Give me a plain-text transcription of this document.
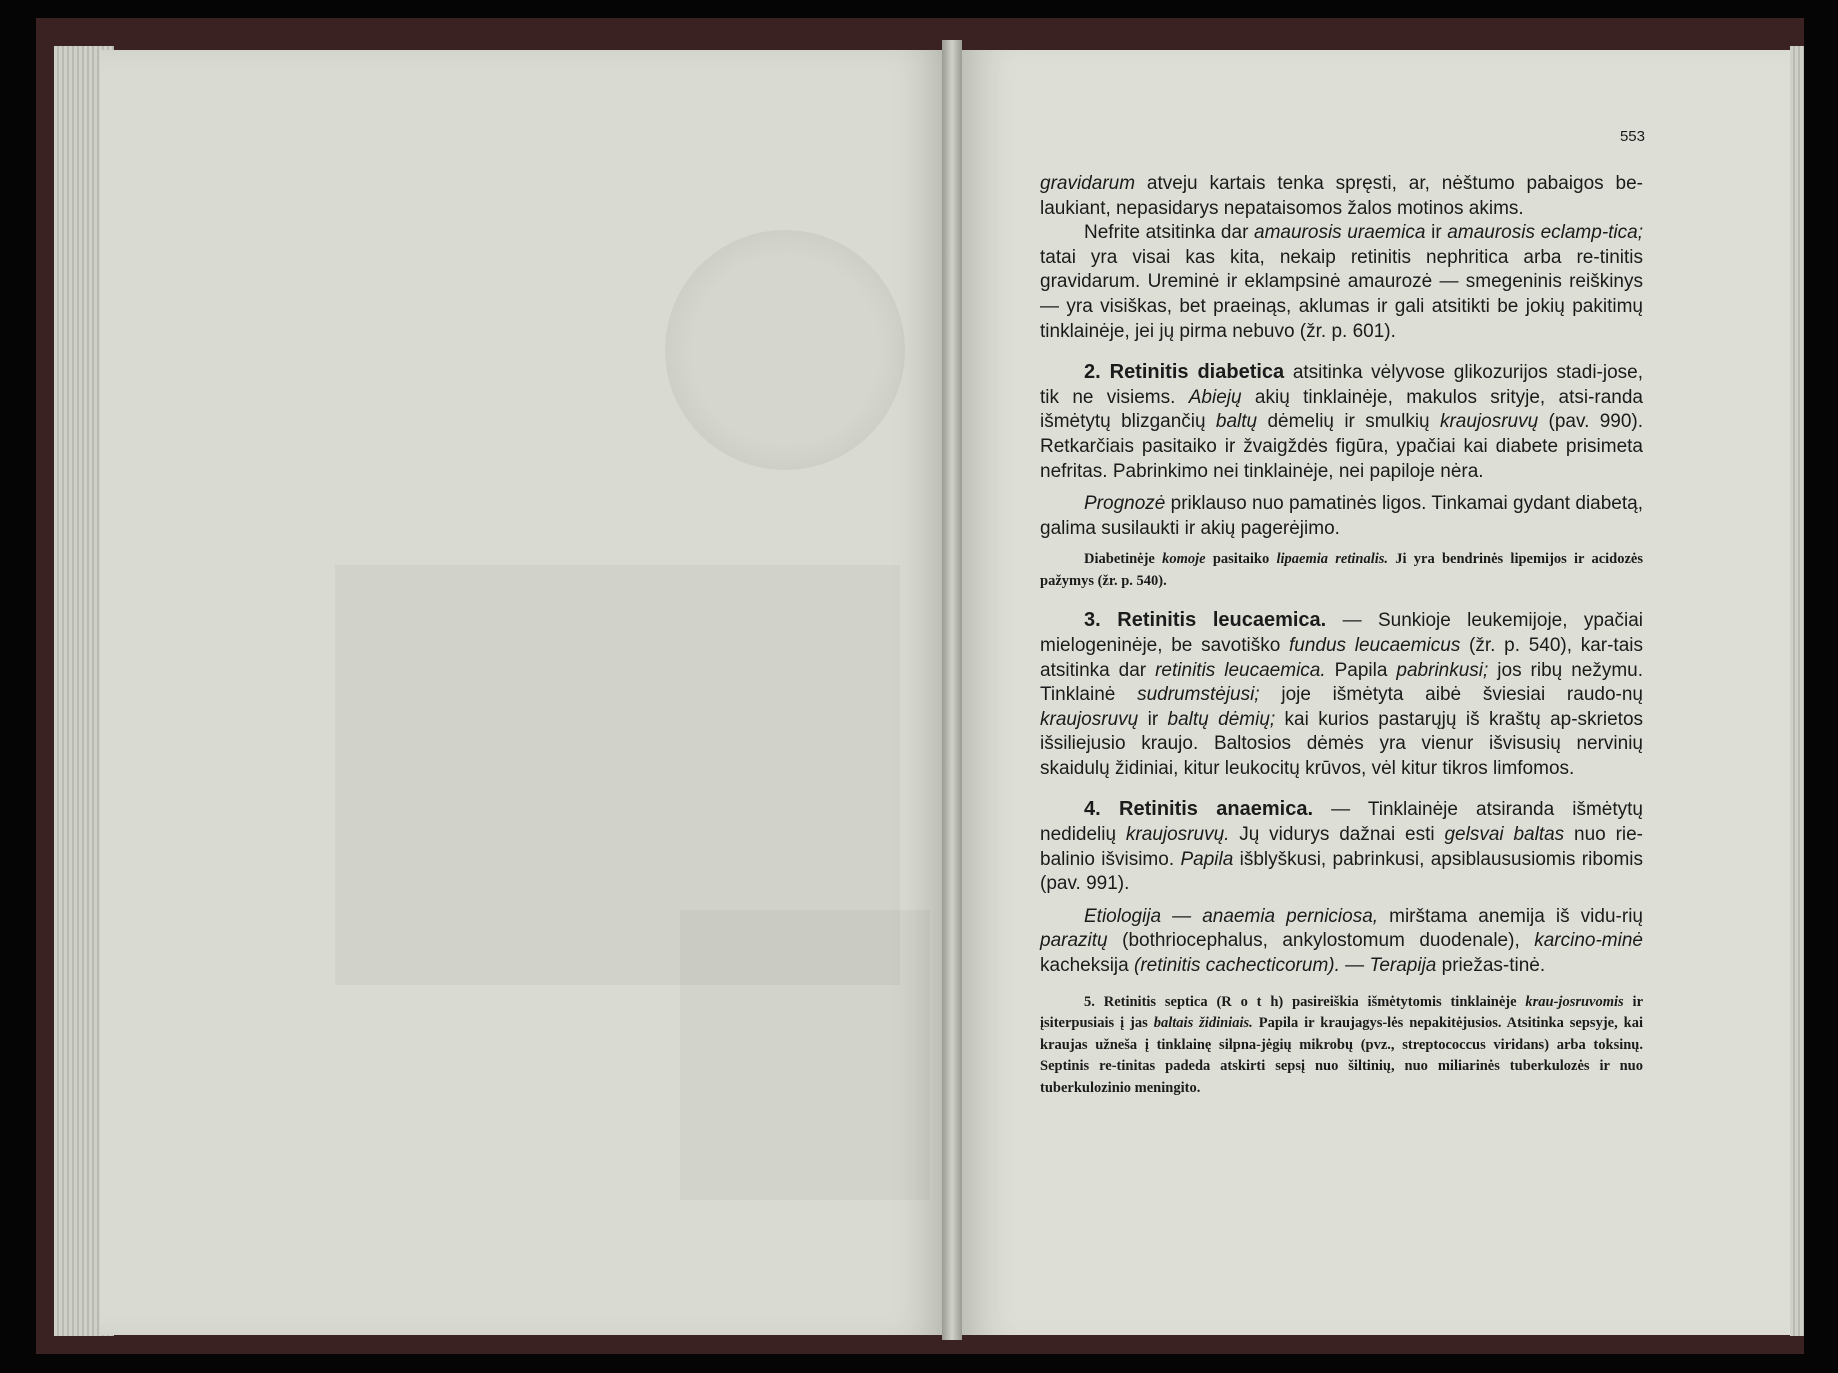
553

gravidarum atveju kartais tenka spręsti, ar, nėštumo pabaigos be-laukiant, nepasidarys nepataisomos žalos motinos akims.

Nefrite atsitinka dar amaurosis uraemica ir amaurosis eclamp-tica; tatai yra visai kas kita, nekaip retinitis nephritica arba re-tinitis gravidarum. Ureminė ir eklampsinė amaurozė — smegeninis reiškinys — yra visiškas, bet praeinąs, aklumas ir gali atsitikti be jokių pakitimų tinklainėje, jei jų pirma nebuvo (žr. p. 601).

2. Retinitis diabetica atsitinka vėlyvose glikozurijos stadi-jose, tik ne visiems. Abiejų akių tinklainėje, makulos srityje, atsi-randa išmėtytų blizgančių baltų dėmelių ir smulkių kraujosruvų (pav. 990). Retkarčiais pasitaiko ir žvaigždės figūra, ypačiai kai diabete prisimeta nefritas. Pabrinkimo nei tinklainėje, nei papiloje nėra.

Prognozė priklauso nuo pamatinės ligos. Tinkamai gydant diabetą, galima susilaukti ir akių pagerėjimo.

Diabetinėje komoje pasitaiko lipaemia retinalis. Ji yra bendrinės lipemijos ir acidozės pažymys (žr. p. 540).

3. Retinitis leucaemica. — Sunkioje leukemijoje, ypačiai mielogeninėje, be savotiško fundus leucaemicus (žr. p. 540), kar-tais atsitinka dar retinitis leucaemica. Papila pabrinkusi; jos ribų nežymu. Tinklainė sudrumstėjusi; joje išmėtyta aibė šviesiai raudo-nų kraujosruvų ir baltų dėmių; kai kurios pastarųjų iš kraštų ap-skrietos išsiliejusio kraujo. Baltosios dėmės yra vienur išvisusių nervinių skaidulų židiniai, kitur leukocitų krūvos, vėl kitur tikros limfomos.

4. Retinitis anaemica. — Tinklainėje atsiranda išmėtytų nedidelių kraujosruvų. Jų vidurys dažnai esti gelsvai baltas nuo rie-balinio išvisimo. Papila išblyškusi, pabrinkusi, apsiblaususiomis ribomis (pav. 991).

Etiologija — anaemia perniciosa, mirštama anemija iš vidu-rių parazitų (bothriocephalus, ankylostomum duodenale), karcino-minė kacheksija (retinitis cachecticorum). — Terapija priežas-tinė.

5. Retinitis septica (R o t h) pasireiškia išmėtytomis tinklainėje krau-josruvomis ir įsiterpusiais į jas baltais židiniais. Papila ir kraujagys-lės nepakitėjusios. Atsitinka sepsyje, kai kraujas užneša į tinklainę silpna-jėgių mikrobų (pvz., streptococcus viridans) arba toksinų. Septinis re-tinitas padeda atskirti sepsį nuo šiltinių, nuo miliarinės tuberkulozės ir nuo tuberkulozinio meningito.
